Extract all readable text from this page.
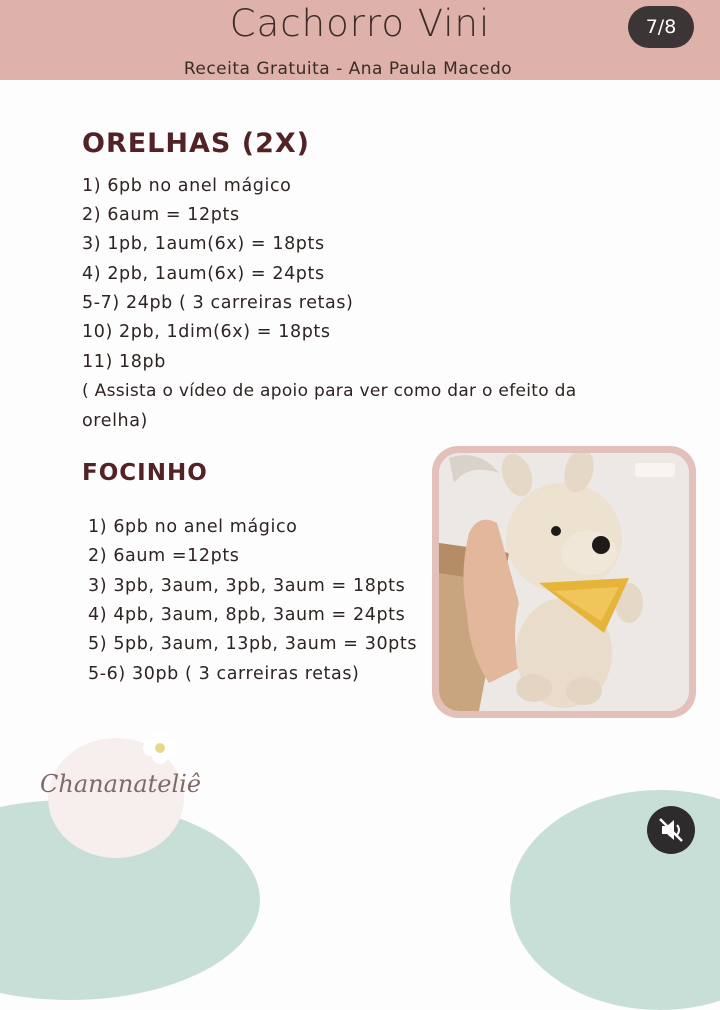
Cachorro Vini
Receita Gratuita - Ana Paula Macedo
7/8
ORELHAS (2X)
1) 6pb no anel mágico
2) 6aum = 12pts
3) 1pb, 1aum(6x) = 18pts
4) 2pb, 1aum(6x) = 24pts
5-7) 24pb ( 3 carreiras retas)
10) 2pb, 1dim(6x) = 18pts
11) 18pb
( Assista o vídeo de apoio para ver como dar o efeito da
orelha)
FOCINHO
1) 6pb no anel mágico
2) 6aum =12pts
3) 3pb, 3aum, 3pb, 3aum = 18pts
4) 4pb, 3aum, 8pb, 3aum = 24pts
5) 5pb, 3aum, 13pb, 3aum = 30pts
5-6) 30pb ( 3 carreiras retas)
Chananateliê
